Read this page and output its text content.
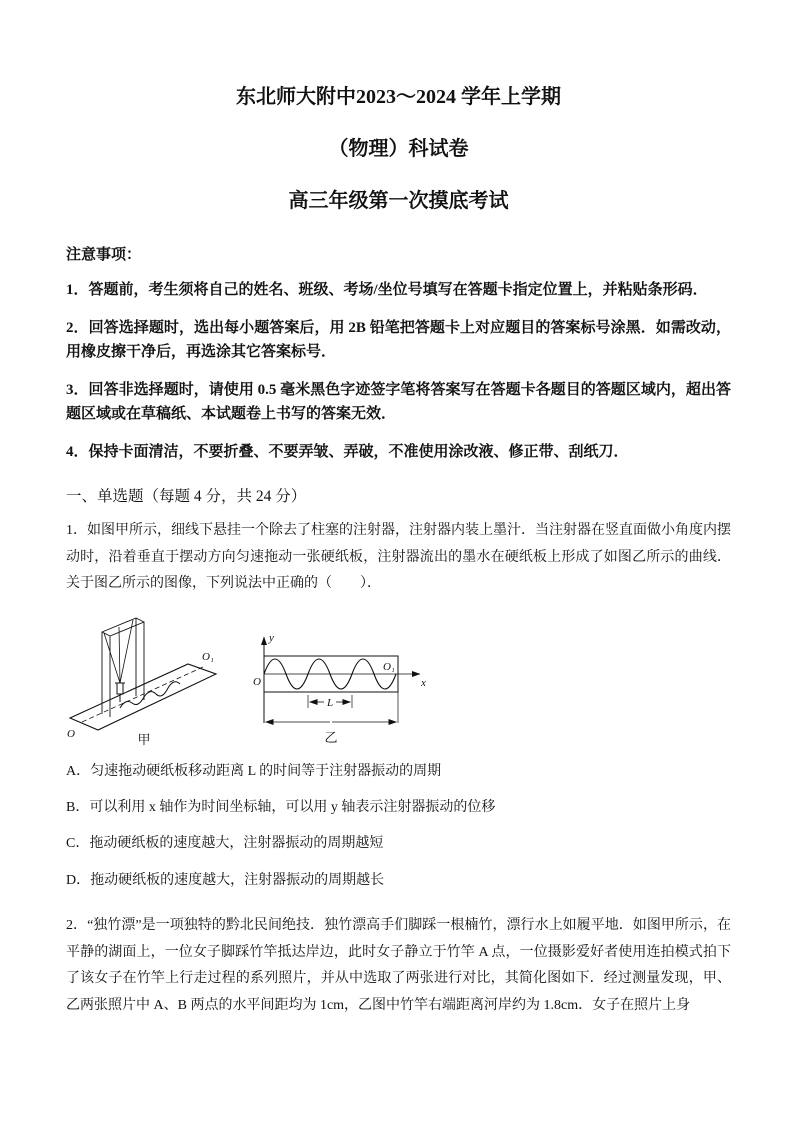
东北师大附中2023～2024 学年上学期
（物理）科试卷
高三年级第一次摸底考试
注意事项：

1．答题前，考生须将自己的姓名、班级、考场/坐位号填写在答题卡指定位置上，并粘贴条形码．

2．回答选择题时，选出每小题答案后，用 2B 铅笔把答题卡上对应题目的答案标号涂黑．如需改动，用橡皮擦干净后，再选涂其它答案标号．

3．回答非选择题时，请使用 0.5 毫米黑色字迹签字笔将答案写在答题卡各题目的答题区域内，超出答题区域或在草稿纸、本试题卷上书写的答案无效．

4．保持卡面清洁，不要折叠、不要弄皱、弄破，不准使用涂改液、修正带、刮纸刀．

一、单选题（每题 4 分，共 24 分）

1．如图甲所示，细线下悬挂一个除去了柱塞的注射器，注射器内装上墨汁．当注射器在竖直面做小角度内摆动时，沿着垂直于摆动方向匀速拖动一张硬纸板，注射器流出的墨水在硬纸板上形成了如图乙所示的曲线．关于图乙所示的图像，下列说法中正确的（　　）．

O
O₁
甲
y
O
O₁
x
L
乙

A．匀速拖动硬纸板移动距离 L 的时间等于注射器振动的周期

B．可以利用 x 轴作为时间坐标轴，可以用 y 轴表示注射器振动的位移

C．拖动硬纸板的速度越大，注射器振动的周期越短

D．拖动硬纸板的速度越大，注射器振动的周期越长

2．“独竹漂”是一项独特的黔北民间绝技．独竹漂高手们脚踩一根楠竹，漂行水上如履平地．如图甲所示，在平静的湖面上，一位女子脚踩竹竿抵达岸边，此时女子静立于竹竿 A 点，一位摄影爱好者使用连拍模式拍下了该女子在竹竿上行走过程的系列照片，并从中选取了两张进行对比，其简化图如下．经过测量发现，甲、乙两张照片中 A、B 两点的水平间距均为 1cm，乙图中竹竿右端距离河岸约为 1.8cm．女子在照片上身
